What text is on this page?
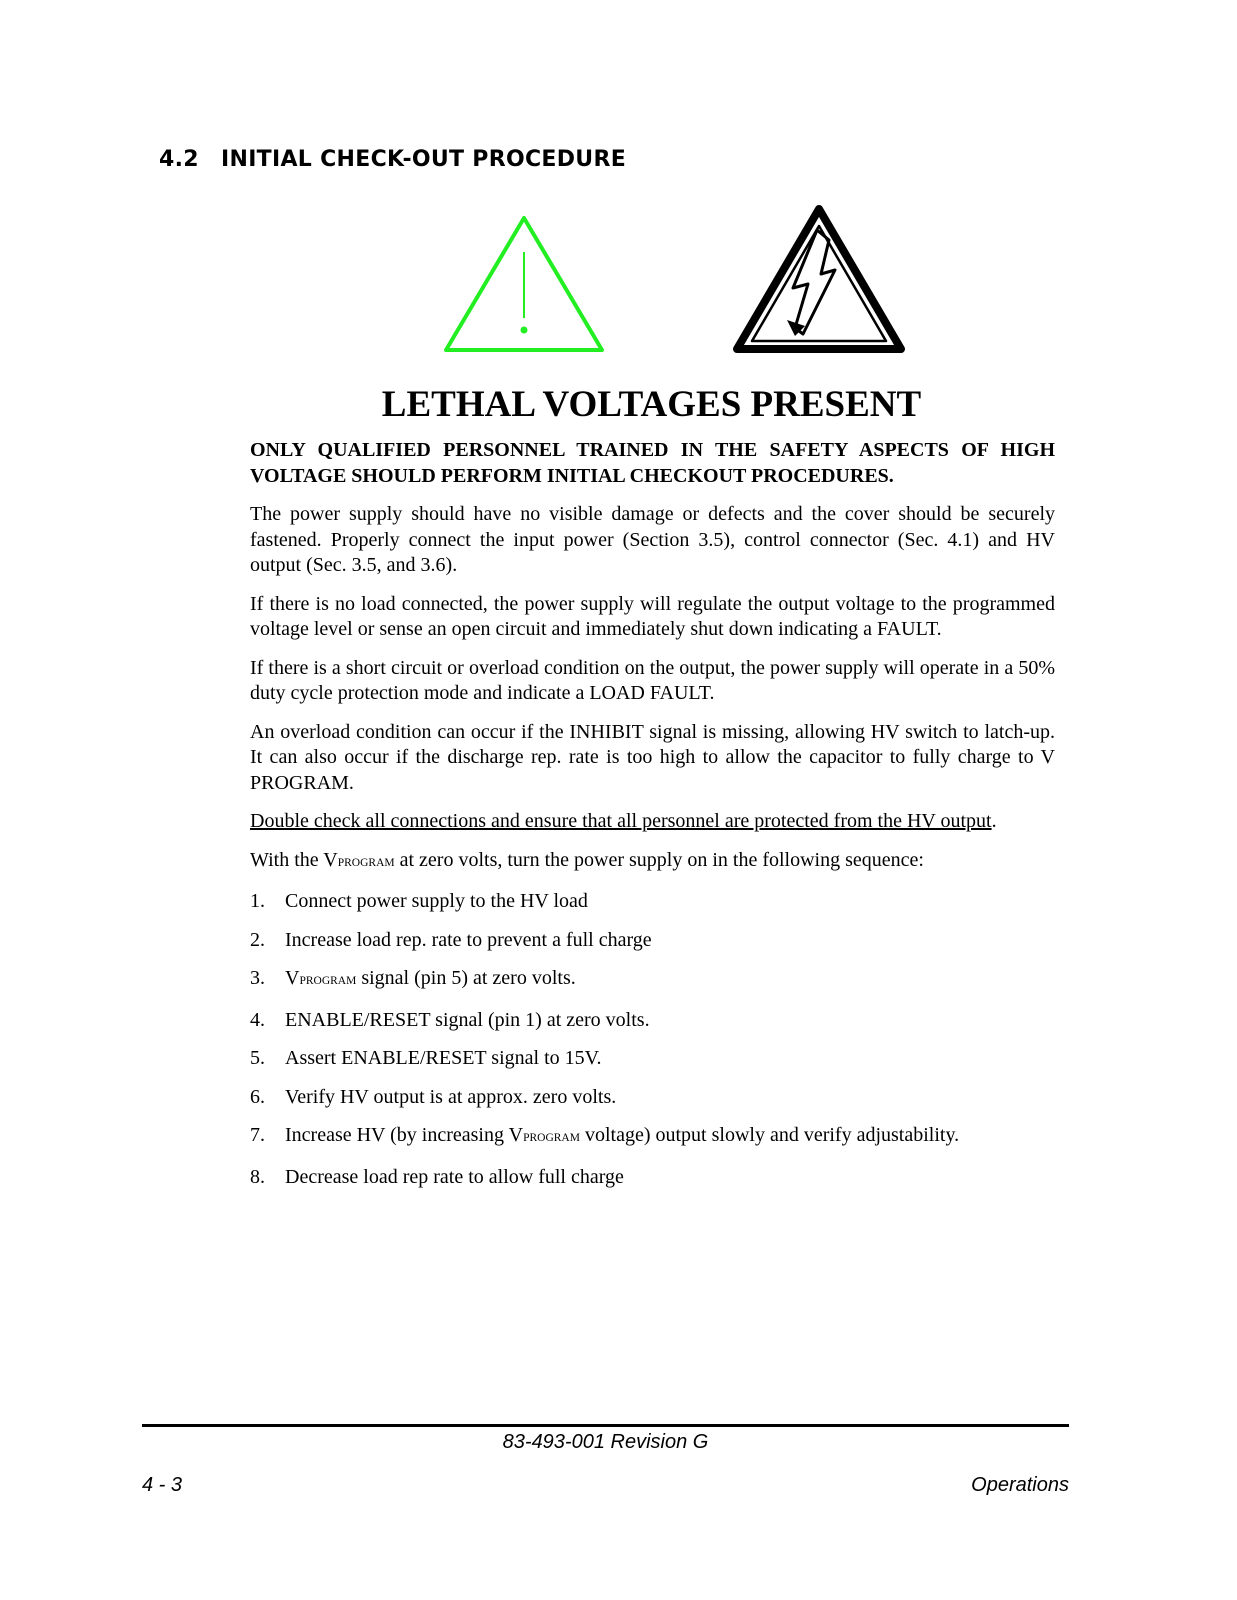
4.2 INITIAL CHECK-OUT PROCEDURE
LETHAL VOLTAGES PRESENT

ONLY QUALIFIED PERSONNEL TRAINED IN THE SAFETY ASPECTS OF HIGH VOLTAGE SHOULD PERFORM INITIAL CHECKOUT PROCEDURES.

The power supply should have no visible damage or defects and the cover should be securely fastened. Properly connect the input power (Section 3.5), control connector (Sec. 4.1) and HV output (Sec. 3.5, and 3.6).

If there is no load connected, the power supply will regulate the output voltage to the programmed voltage level or sense an open circuit and immediately shut down indicating a FAULT.

If there is a short circuit or overload condition on the output, the power supply will operate in a 50% duty cycle protection mode and indicate a LOAD FAULT.

An overload condition can occur if the INHIBIT signal is missing, allowing HV switch to latch-up. It can also occur if the discharge rep. rate is too high to allow the capacitor to fully charge to V PROGRAM.

Double check all connections and ensure that all personnel are protected from the HV output.

With the VPROGRAM at zero volts, turn the power supply on in the following sequence:

1.	Connect power supply to the HV load
2.	Increase load rep. rate to prevent a full charge
3.	VPROGRAM signal (pin 5) at zero volts.
4.	ENABLE/RESET signal (pin 1) at zero volts.
5.	Assert ENABLE/RESET signal to 15V.
6.	Verify HV output is at approx. zero volts.
7.	Increase HV (by increasing VPROGRAM voltage) output slowly and verify adjustability.
8.	Decrease load rep rate to allow full charge
83-493-001 Revision G
4 - 3	Operations
